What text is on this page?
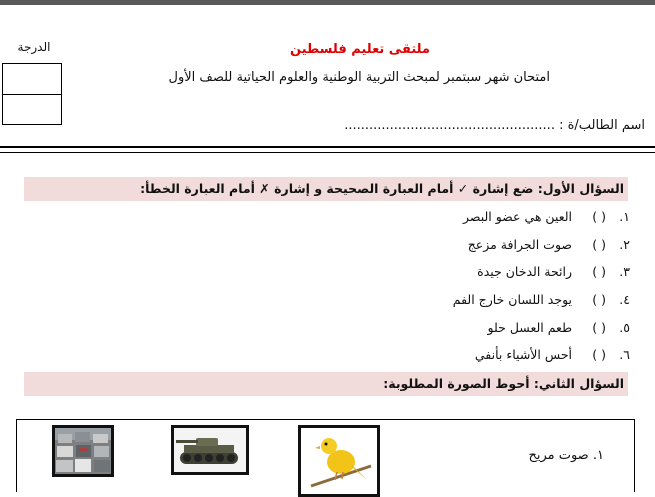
ملتقى تعليم فلسطين
الدرجة
امتحان شهر سبتمبر لمبحث التربية الوطنية والعلوم الحياتية للصف الأول
اسم الطالب/ة : ...................................................
السؤال الأول: ضع إشارة ✓ أمام العبارة الصحيحة و إشارة ✗ أمام العبارة الخطأ:
١. ( ) العين هي عضو البصر
٢. ( ) صوت الجرافة مزعج
٣. ( ) رائحة الدخان جيدة
٤. ( ) يوجد اللسان خارج الفم
٥. ( ) طعم العسل حلو
٦. ( ) أحس الأشياء بأنفي
السؤال الثاني: أحوط الصورة المطلوبة:
١. صوت مريح
